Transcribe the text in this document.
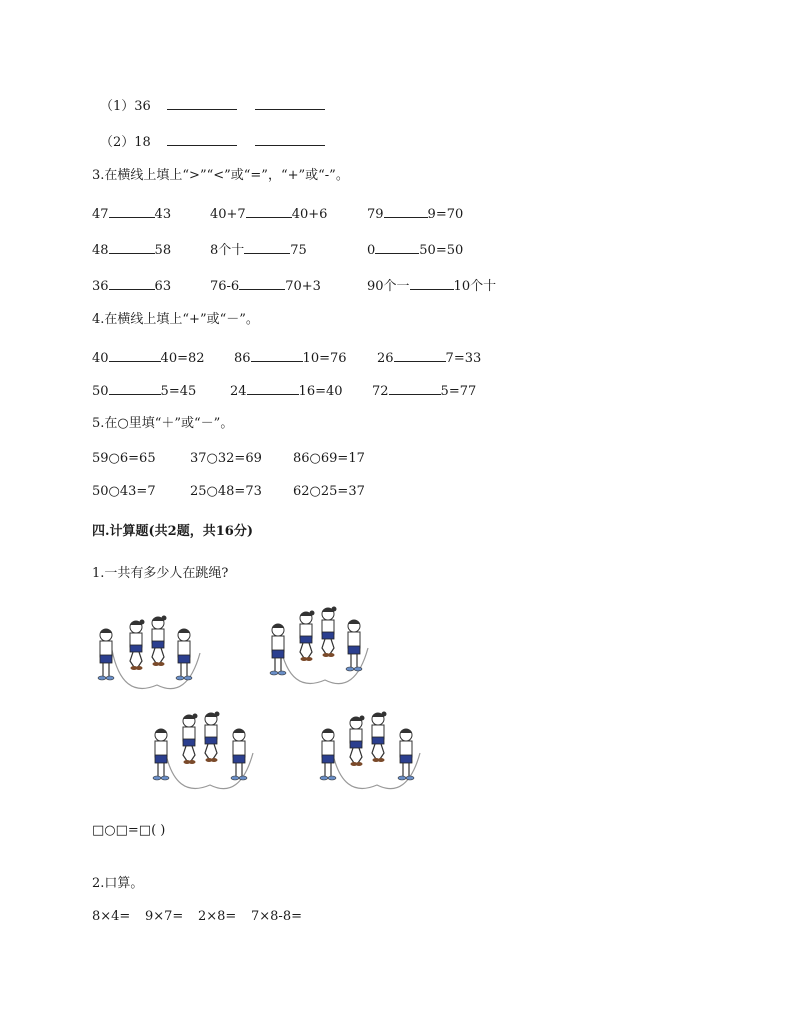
（1）36
（2）18
3.在横线上填上“>”“<”或“=”，“+”或“-”。
47	43	40+7	40+6	79	9=70
48	58	8个十	75	0	50=50
36	63	76-6	70+3	90个一	10个十
4.在横线上填上“+”或“－”。
40	40=82 86	10=76 26	7=33
50	5=45	24	16=40 72	5=77
5.在○里填“＋”或“－”。
59○6=65	37○32=69 86○69=17
50○43=7	25○48=73 62○25=37
四.计算题(共2题，共16分)
1.一共有多少人在跳绳?
□○□=□( )
2.口算。
8×4= 9×7= 2×8= 7×8-8=
